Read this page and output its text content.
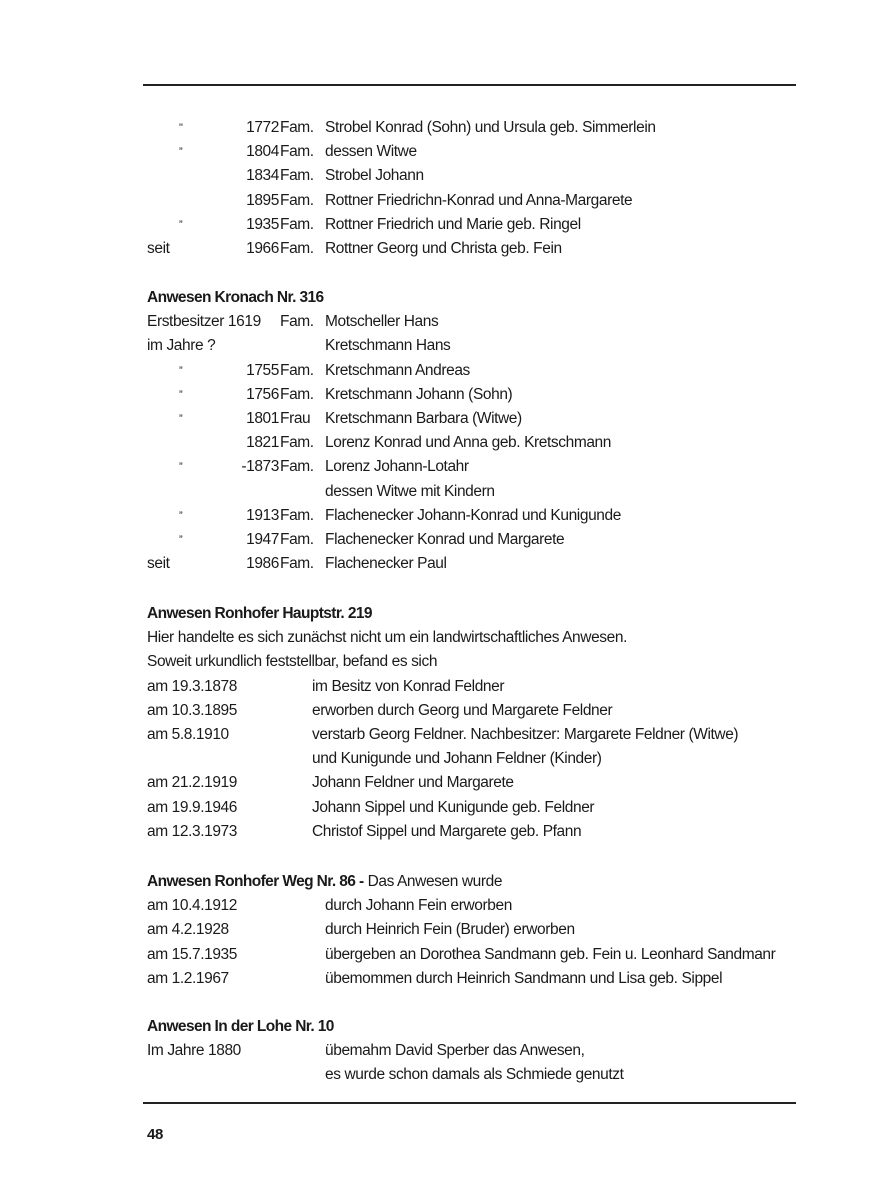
"	1772 Fam. Strobel Konrad (Sohn) und Ursula geb. Simmerlein
”	1804 Fam. dessen Witwe
1834 Fam. Strobel Johann
1895 Fam. Rottner Friedrichn-Konrad und Anna-Margarete
”	1935 Fam. Rottner Friedrich und Marie geb. Ringel
seit	1966 Fam. Rottner Georg und Christa geb. Fein
Anwesen Kronach Nr. 316
Erstbesitzer 1619 Fam. Motscheller Hans
im Jahre ?	Kretschmann Hans
”	1755 Fam. Kretschmann Andreas
”	1756 Fam. Kretschmann Johann (Sohn)
”	1801 Frau Kretschmann Barbara (Witwe)
1821 Fam. Lorenz Konrad und Anna geb. Kretschmann
”	-1873 Fam. Lorenz Johann-Lotahr
dessen Witwe mit Kindern
”	1913 Fam. Flachenecker Johann-Konrad und Kunigunde
”	1947 Fam. Flachenecker Konrad und Margarete
seit	1986 Fam. Flachenecker Paul
Anwesen Ronhofer Hauptstr. 219
Hier handelte es sich zunächst nicht um ein landwirtschaftliches Anwesen.
Soweit urkundlich feststellbar, befand es sich
am 19.3.1878	im Besitz von Konrad Feldner
am 10.3.1895	erworben durch Georg und Margarete Feldner
am 5.8.1910	verstarb Georg Feldner. Nachbesitzer: Margarete Feldner (Witwe)
und Kunigunde und Johann Feldner (Kinder)
am 21.2.1919	Johann Feldner und Margarete
am 19.9.1946	Johann Sippel und Kunigunde geb. Feldner
am 12.3.1973	Christof Sippel und Margarete geb. Pfann
Anwesen Ronhofer Weg Nr. 86 - Das Anwesen wurde
am 10.4.1912	durch Johann Fein erworben
am 4.2.1928	durch Heinrich Fein (Bruder) erworben
am 15.7.1935	übergeben an Dorothea Sandmann geb. Fein u. Leonhard Sandmanr
am 1.2.1967	übemommen durch Heinrich Sandmann und Lisa geb. Sippel
Anwesen In der Lohe Nr. 10
Im Jahre 1880	übemahm David Sperber das Anwesen,
es wurde schon damals als Schmiede genutzt
48
